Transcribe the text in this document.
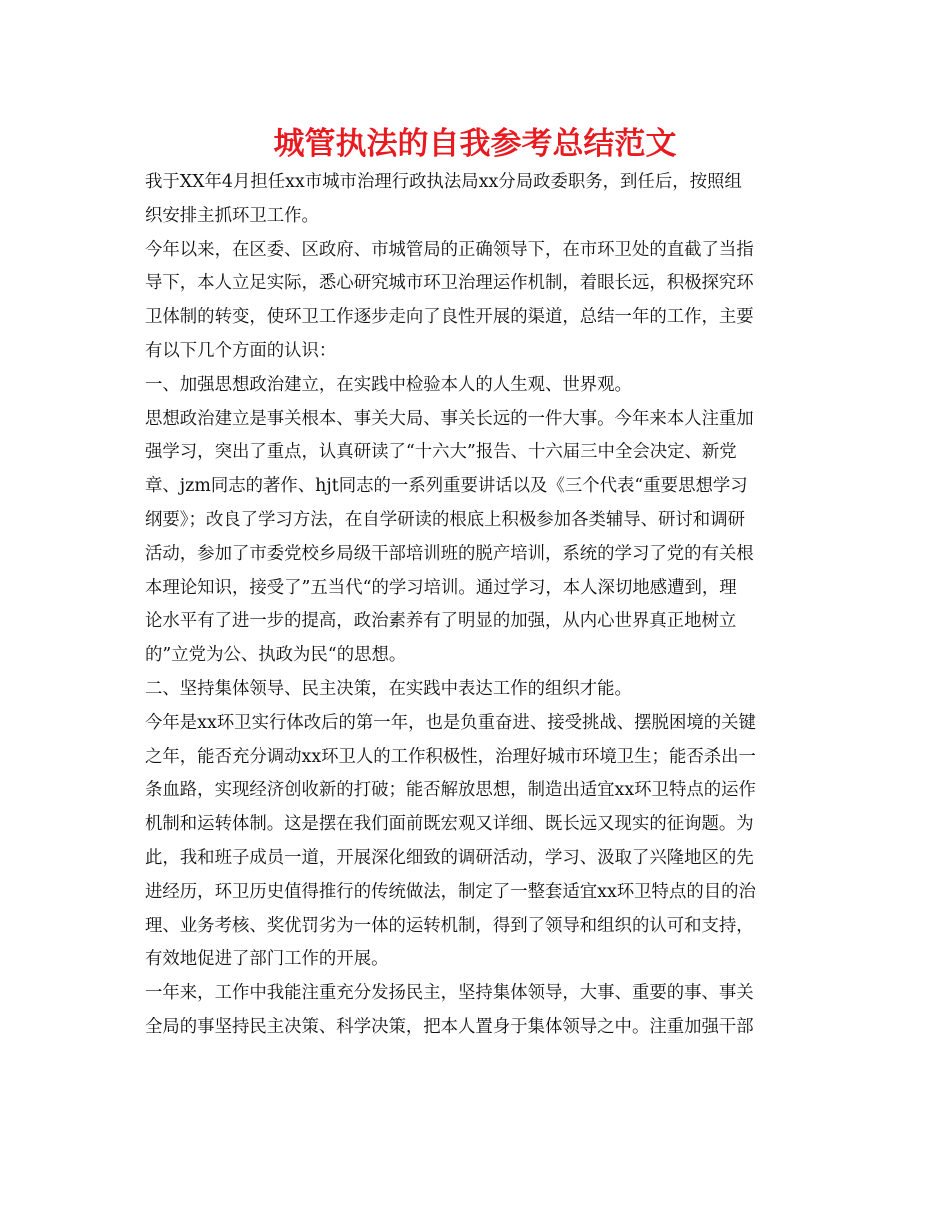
城管执法的自我参考总结范文
我于XX年4月担任xx市城市治理行政执法局xx分局政委职务，到任后，按照组
织安排主抓环卫工作。
今年以来，在区委、区政府、市城管局的正确领导下，在市环卫处的直截了当指
导下，本人立足实际，悉心研究城市环卫治理运作机制，着眼长远，积极探究环
卫体制的转变，使环卫工作逐步走向了良性开展的渠道，总结一年的工作，主要
有以下几个方面的认识：
一、加强思想政治建立，在实践中检验本人的人生观、世界观。
思想政治建立是事关根本、事关大局、事关长远的一件大事。今年来本人注重加
强学习，突出了重点，认真研读了“十六大”报告、十六届三中全会决定、新党
章、jzm同志的著作、hjt同志的一系列重要讲话以及《三个代表“重要思想学习
纲要》；改良了学习方法，在自学研读的根底上积极参加各类辅导、研讨和调研
活动，参加了市委党校乡局级干部培训班的脱产培训，系统的学习了党的有关根
本理论知识，接受了”五当代“的学习培训。通过学习，本人深切地感遭到，理
论水平有了进一步的提高，政治素养有了明显的加强，从内心世界真正地树立
的”立党为公、执政为民“的思想。
二、坚持集体领导、民主决策，在实践中表达工作的组织才能。
今年是xx环卫实行体改后的第一年，也是负重奋进、接受挑战、摆脱困境的关键
之年，能否充分调动xx环卫人的工作积极性，治理好城市环境卫生；能否杀出一
条血路，实现经济创收新的打破；能否解放思想，制造出适宜xx环卫特点的运作
机制和运转体制。这是摆在我们面前既宏观又详细、既长远又现实的征询题。为
此，我和班子成员一道，开展深化细致的调研活动，学习、汲取了兴隆地区的先
进经历，环卫历史值得推行的传统做法，制定了一整套适宜xx环卫特点的目的治
理、业务考核、奖优罚劣为一体的运转机制，得到了领导和组织的认可和支持，
有效地促进了部门工作的开展。
一年来，工作中我能注重充分发扬民主，坚持集体领导，大事、重要的事、事关
全局的事坚持民主决策、科学决策，把本人置身于集体领导之中。注重加强干部
